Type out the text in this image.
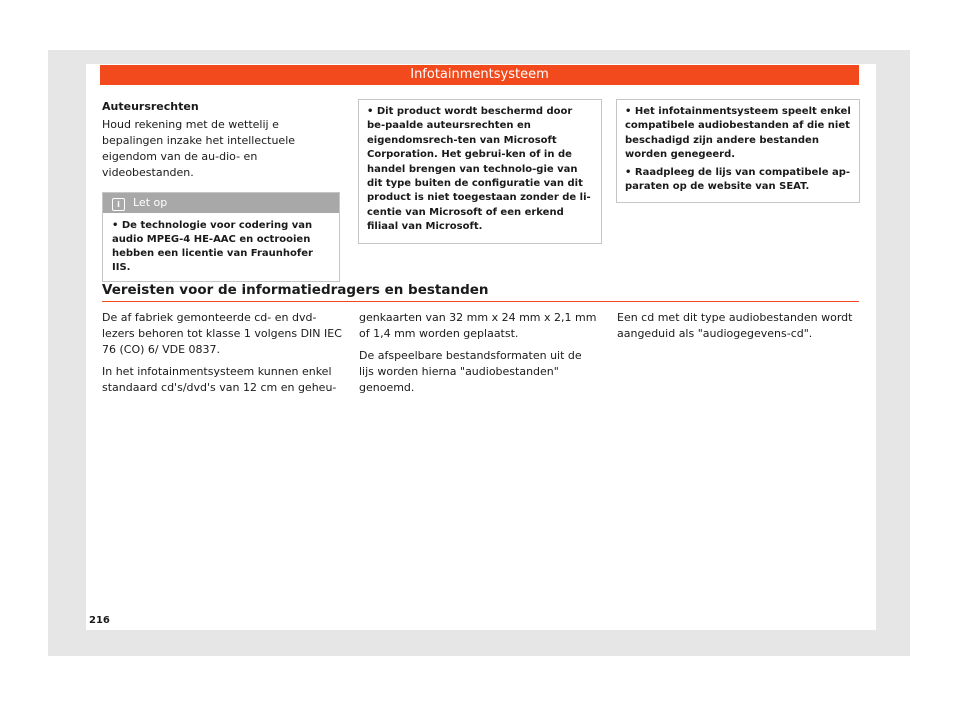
Infotainmentsysteem
Auteursrechten

Houd rekening met de wettelij e bepalingen inzake het intellectuele eigendom van de au-dio- en videobestanden.

i Let op
• De technologie voor codering van audio MPEG-4 HE-AAC en octrooien hebben een licentie van Fraunhofer IIS.

• Dit product wordt beschermd door be-paalde auteursrechten en eigendomsrech-ten van Microsoft Corporation. Het gebrui-ken of in de handel brengen van technolo-gie van dit type buiten de configuratie van dit product is niet toegestaan zonder de li-centie van Microsoft of een erkend filiaal van Microsoft.

• Het infotainmentsysteem speelt enkel compatibele audiobestanden af die niet beschadigd zijn andere bestanden worden genegeerd.

• Raadpleeg de lijs van compatibele ap-paraten op de website van SEAT.

Vereisten voor de informatiedragers en bestanden

De af fabriek gemonteerde cd- en dvd-lezers behoren tot klasse 1 volgens DIN IEC 76 (CO) 6/ VDE 0837.

In het infotainmentsysteem kunnen enkel standaard cd's/dvd's van 12 cm en geheu-

genkaarten van 32 mm x 24 mm x 2,1 mm of 1,4 mm worden geplaatst.

De afspeelbare bestandsformaten uit de lijs worden hierna "audiobestanden" genoemd.

Een cd met dit type audiobestanden wordt aangeduid als "audiogegevens-cd".

216
